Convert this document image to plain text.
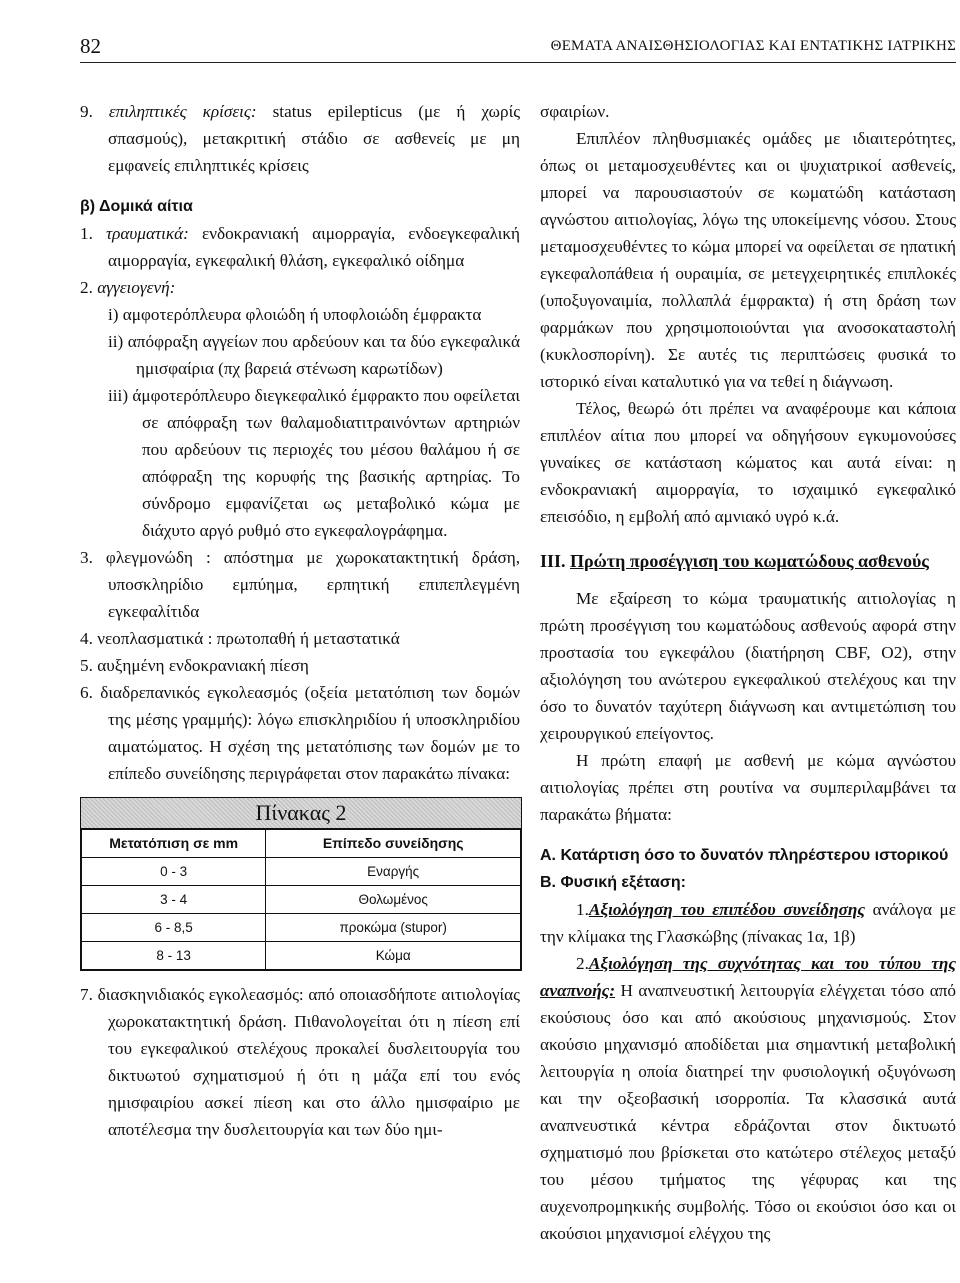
82	ΘΕΜΑΤΑ ΑΝΑΙΣΘΗΣΙΟΛΟΓΙΑΣ ΚΑΙ ΕΝΤΑΤΙΚΗΣ ΙΑΤΡΙΚΗΣ

9. επιληπτικές κρίσεις: status epilepticus (με ή χωρίς σπασμούς), μετακριτική στάδιο σε ασθενείς με μη εμφανείς επιληπτικές κρίσεις

β) Δομικά αίτια

1. τραυματικά: ενδοκρανιακή αιμορραγία, ενδοεγκεφαλική αιμορραγία, εγκεφαλική θλάση, εγκεφαλικό οίδημα

2. αγγειογενή:

i) αμφοτερόπλευρα φλοιώδη ή υποφλοιώδη έμφρακτα

ii) απόφραξη αγγείων που αρδεύουν και τα δύο εγκεφαλικά ημισφαίρια (πχ βαρειά στένωση καρωτίδων)

iii) άμφοτερόπλευρο διεγκεφαλικό έμφρακτο που οφείλεται σε απόφραξη των θαλαμοδιατιτραινόντων αρτηριών που αρδεύουν τις περιοχές του μέσου θαλάμου ή σε απόφραξη της κορυφής της βασικής αρτηρίας. Το σύνδρομο εμφανίζεται ως μεταβολικό κώμα με διάχυτο αργό ρυθμό στο εγκεφαλογράφημα.

3. φλεγμονώδη : απόστημα με χωροκατακτητική δράση, υποσκληρίδιο εμπύημα, ερπητική επιπεπλεγμένη εγκεφαλίτιδα

4. νεοπλασματικά : πρωτοπαθή ή μεταστατικά

5. αυξημένη ενδοκρανιακή πίεση

6. διαδρεπανικός εγκολεασμός (οξεία μετατόπιση των δομών της μέσης γραμμής): λόγω επισκληριδίου ή υποσκληριδίου αιματώματος. Η σχέση της μετατόπισης των δομών με το επίπεδο συνείδησης περιγράφεται στον παρακάτω πίνακα:

Πίνακας 2
Μετατόπιση σε mm	Επίπεδο συνείδησης
0 - 3	Εναργής
3 - 4	Θολωμένος
6 - 8,5	προκώμα (stupor)
8 - 13	Κώμα

7. διασκηνιδιακός εγκολεασμός: από οποιασδήποτε αιτιολογίας χωροκατακτητική δράση. Πιθανολογείται ότι η πίεση επί του εγκεφαλικού στελέχους προκαλεί δυσλειτουργία του δικτυωτού σχηματισμού ή ότι η μάζα επί του ενός ημισφαιρίου ασκεί πίεση και στο άλλο ημισφαίριο με αποτέλεσμα την δυσλειτουργία και των δύο ημι-

σφαιρίων.

Επιπλέον πληθυσμιακές ομάδες με ιδιαιτερότητες, όπως οι μεταμοσχευθέντες και οι ψυχιατρικοί ασθενείς, μπορεί να παρουσιαστούν σε κωματώδη κατάσταση αγνώστου αιτιολογίας, λόγω της υποκείμενης νόσου. Στους μεταμοσχευθέντες το κώμα μπορεί να οφείλεται σε ηπατική εγκεφαλοπάθεια ή ουραιμία, σε μετεγχειρητικές επιπλοκές (υποξυγοναιμία, πολλαπλά έμφρακτα) ή στη δράση των φαρμάκων που χρησιμοποιούνται για ανοσοκαταστολή (κυκλοσπορίνη). Σε αυτές τις περιπτώσεις φυσικά το ιστορικό είναι καταλυτικό για να τεθεί η διάγνωση.

Τέλος, θεωρώ ότι πρέπει να αναφέρουμε και κάποια επιπλέον αίτια που μπορεί να οδηγήσουν εγκυμονούσες γυναίκες σε κατάσταση κώματος και αυτά είναι: η ενδοκρανιακή αιμορραγία, το ισχαιμικό εγκεφαλικό επεισόδιο, η εμβολή από αμνιακό υγρό κ.ά.

III. Πρώτη προσέγγιση του κωματώδους ασθενούς

Με εξαίρεση το κώμα τραυματικής αιτιολογίας η πρώτη προσέγγιση του κωματώδους ασθενούς αφορά στην προστασία του εγκεφάλου (διατήρηση CBF, O2), στην αξιολόγηση του ανώτερου εγκεφαλικού στελέχους και την όσο το δυνατόν ταχύτερη διάγνωση και αντιμετώπιση του χειρουργικού επείγοντος.

Η πρώτη επαφή με ασθενή με κώμα αγνώστου αιτιολογίας πρέπει στη ρουτίνα να συμπεριλαμβάνει τα παρακάτω βήματα:

Α. Κατάρτιση όσο το δυνατόν πληρέστερου ιστορικού

Β. Φυσική εξέταση:

1.Αξιολόγηση του επιπέδου συνείδησης ανάλογα με την κλίμακα της Γλασκώβης (πίνακας 1α, 1β)

2.Αξιολόγηση της συχνότητας και του τύπου της αναπνοής: Η αναπνευστική λειτουργία ελέγχεται τόσο από εκούσιους όσο και από ακούσιους μηχανισμούς. Στον ακούσιο μηχανισμό αποδίδεται μια σημαντική μεταβολική λειτουργία η οποία διατηρεί την φυσιολογική οξυγόνωση και την οξεοβασική ισορροπία. Τα κλασσικά αυτά αναπνευστικά κέντρα εδράζονται στον δικτυωτό σχηματισμό που βρίσκεται στο κατώτερο στέλεχος μεταξύ του μέσου τμήματος της γέφυρας και της αυχενοπρομηκικής συμβολής. Τόσο οι εκούσιοι όσο και οι ακούσιοι μηχανισμοί ελέγχου της
